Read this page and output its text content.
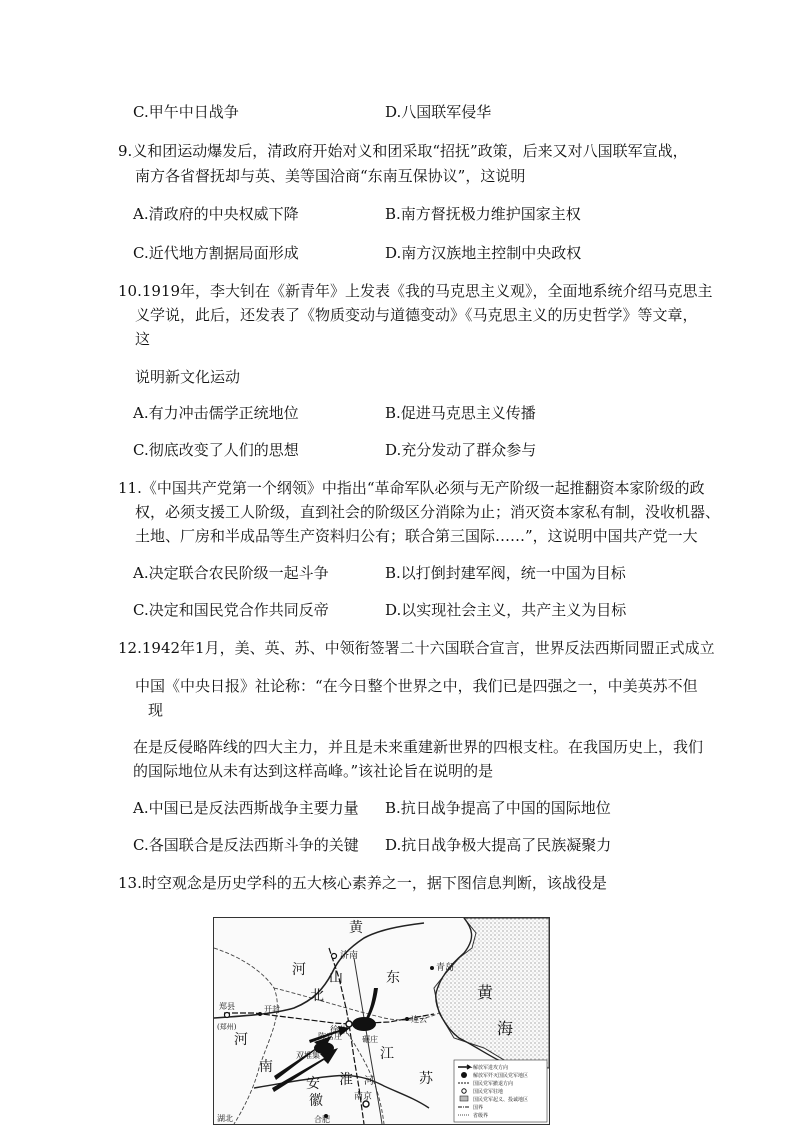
C.甲午中日战争	D.八国联军侵华
9.义和团运动爆发后，清政府开始对义和团采取“招抚”政策，后来又对八国联军宣战，
南方各省督抚却与英、美等国洽商“东南互保协议”，这说明
A.清政府的中央权威下降	B.南方督抚极力维护国家主权
C.近代地方割据局面形成	D.南方汉族地主控制中央政权
10.1919年，李大钊在《新青年》上发表《我的马克思主义观》，全面地系统介绍马克思主
义学说，此后，还发表了《物质变动与道德变动》《马克思主义的历史哲学》等文章，
这
说明新文化运动
A.有力冲击儒学正统地位	B.促进马克思主义传播
C.彻底改变了人们的思想	D.充分发动了群众参与
11.《中国共产党第一个纲领》中指出“革命军队必须与无产阶级一起推翻资本家阶级的政
权，必须支援工人阶级，直到社会的阶级区分消除为止；消灭资本家私有制，没收机器、
土地、厂房和半成品等生产资料归公有；联合第三国际……”，这说明中国共产党一大
A.决定联合农民阶级一起斗争	B.以打倒封建军阀，统一中国为目标
C.决定和国民党合作共同反帝	D.以实现社会主义，共产主义为目标
12.1942年1月，美、英、苏、中领衔签署二十六国联合宣言，世界反法西斯同盟正式成立
中国《中央日报》社论称：“在今日整个世界之中，我们已是四强之一，中美英苏不但
现
在是反侵略阵线的四大主力，并且是未来重建新世界的四根支柱。在我国历史上，我们
的国际地位从未有达到这样高峰。”该社论旨在说明的是
A.中国已是反法西斯战争主要力量 B.抗日战争提高了中国的国际地位
C.各国联合是反法西斯斗争的关键 D.抗日战争极大提高了民族凝聚力
13.时空观念是历史学科的五大核心素养之一，据下图信息判断，该战役是
黄
济南
山	东
青岛
河
北	黄
海
郑县
(郑州)
开封
徐州
陈官庄	碾庄
连云
江
双堆集
河
南
安 淮 河	苏
徽	南京
合肥
湖北
解放军进攻方向
解放军歼灭国民党军地区
国民党军撤退方向
国民党军驻地
国民党军起义、投诚地区
国界
省级界
